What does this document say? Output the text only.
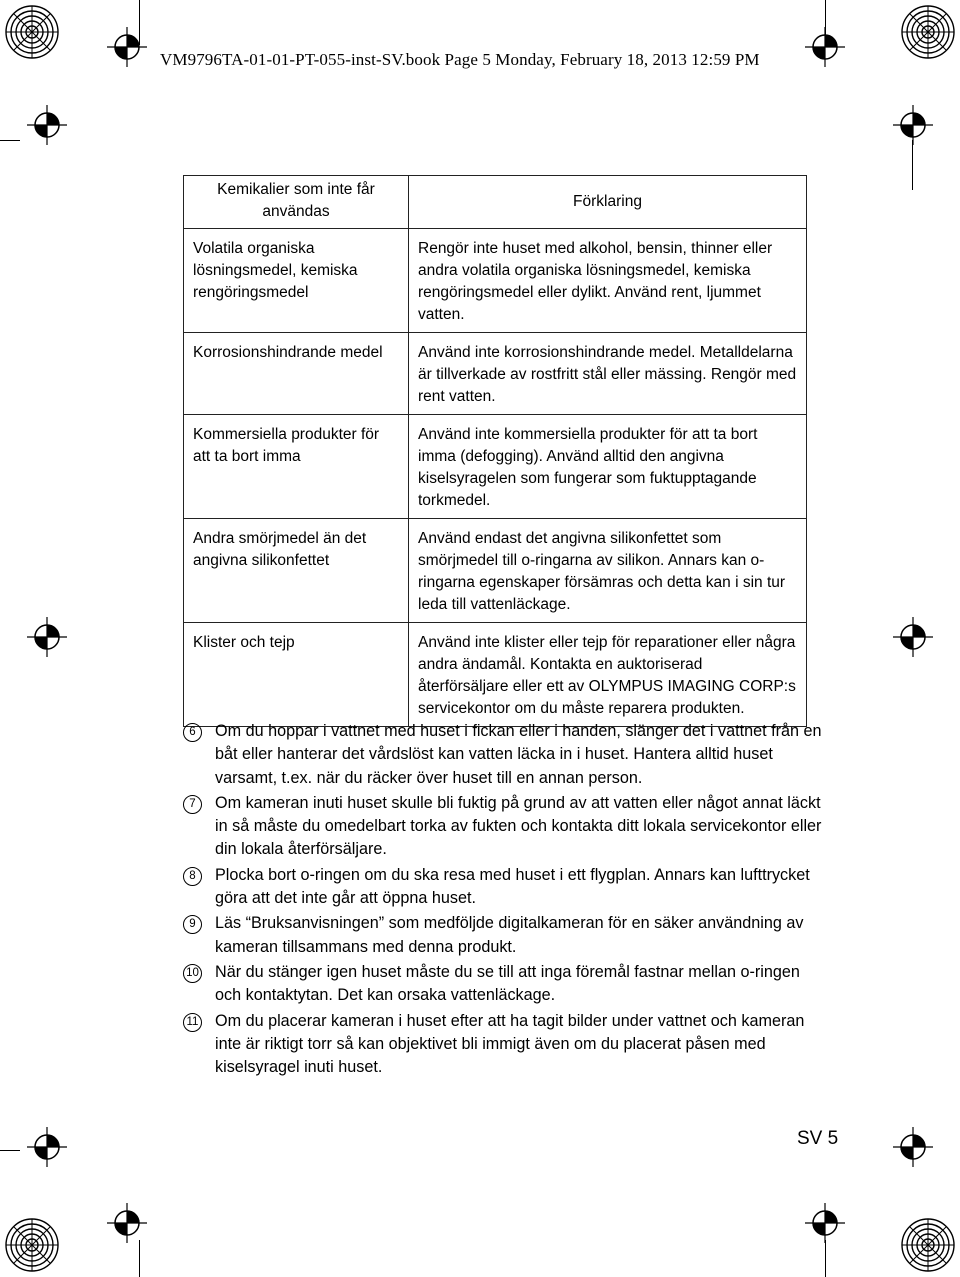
VM9796TA-01-01-PT-055-inst-SV.book Page 5 Monday, February 18, 2013 12:59 PM
Kemikalier som inte får användas	Förklaring
Volatila organiska lösningsmedel, kemiska rengöringsmedel	Rengör inte huset med alkohol, bensin, thinner eller andra volatila organiska lösningsmedel, kemiska rengöringsmedel eller dylikt. Använd rent, ljummet vatten.
Korrosionshindrande medel	Använd inte korrosionshindrande medel. Metalldelarna är tillverkade av rostfritt stål eller mässing. Rengör med rent vatten.
Kommersiella produkter för att ta bort imma	Använd inte kommersiella produkter för att ta bort imma (defogging). Använd alltid den angivna kiselsyragelen som fungerar som fuktupptagande torkmedel.
Andra smörjmedel än det angivna silikonfettet	Använd endast det angivna silikonfettet som smörjmedel till o-ringarna av silikon. Annars kan o-ringarna egenskaper försämras och detta kan i sin tur leda till vattenläckage.
Klister och tejp	Använd inte klister eller tejp för reparationer eller några andra ändamål. Kontakta en auktoriserad återförsäljare eller ett av OLYMPUS IMAGING CORP:s servicekontor om du måste reparera produkten.
6	Om du hoppar i vattnet med huset i fickan eller i handen, slänger det i vattnet från en båt eller hanterar det vårdslöst kan vatten läcka in i huset. Hantera alltid huset varsamt, t.ex. när du räcker över huset till en annan person.
7	Om kameran inuti huset skulle bli fuktig på grund av att vatten eller något annat läckt in så måste du omedelbart torka av fukten och kontakta ditt lokala servicekontor eller din lokala återförsäljare.
8	Plocka bort o-ringen om du ska resa med huset i ett flygplan. Annars kan lufttrycket göra att det inte går att öppna huset.
9	Läs “Bruksanvisningen” som medföljde digitalkameran för en säker användning av kameran tillsammans med denna produkt.
10 När du stänger igen huset måste du se till att inga föremål fastnar mellan o-ringen och kontaktytan. Det kan orsaka vattenläckage.
11 Om du placerar kameran i huset efter att ha tagit bilder under vattnet och kameran inte är riktigt torr så kan objektivet bli immigt även om du placerat påsen med kiselsyragel inuti huset.
SV 5
